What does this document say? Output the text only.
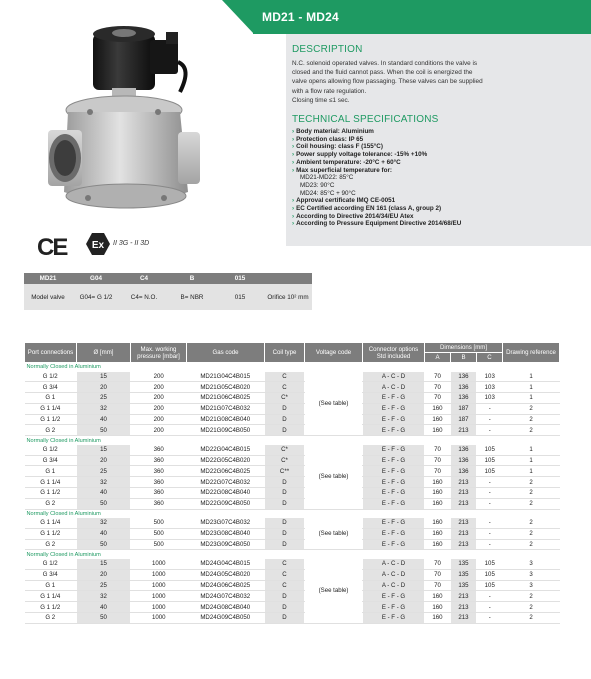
MD21 - MD24
DESCRIPTION
N.C. solenoid operated valves. In standard conditions the valve is
closed and the fluid cannot pass. When the coil is energized the
valve opens allowing flow passaging. These valves can be supplied
with a flow rate regulation.
Closing time ≤1 sec.
TECHNICAL SPECIFICATIONS
› Body material: Aluminium
› Protection class: IP 65
› Coil housing: class F (155°C)
› Power supply voltage tolerance: -15% +10%
› Ambient temperature: -20°C + 60°C
› Max superficial temperature for:
MD21-MD22: 85°C
MD23: 90°C
MD24: 85°C + 90°C
› Approval certificate IMQ CE-0051
› EC Certified according EN 161 (class A, group 2)
› According to Directive 2014/34/EU Atex
› According to Pressure Equipment Directive 2014/68/EU
CE	Ex II 3G - II 3D
MD21	G04	C4	B	015	
Model valve	G04= G 1/2	C4= N.O.	B= NBR	015	Orifice 10² mm
Port connections	Ø [mm]	Max. working pressure [mbar]	Gas code	Coil type	Voltage code	Connector options Std included	Dimensions [mm]			Drawing reference
							A	B	C	
Normally Closed in Aluminium										
G 1/2	15	200	MD21G04C4B015	C	(See table)	A - C - D	70	136	103	1
G 3/4	20	200	MD21G05C4B020	C		A - C - D	70	136	103	1
G 1	25	200	MD21G06C4B025	C*		E - F - G	70	136	103	1
G 1 1/4	32	200	MD21G07C4B032	D		E - F - G	160	187	-	2
G 1 1/2	40	200	MD21G08C4B040	D		E - F - G	160	187	-	2
G 2	50	200	MD21G09C4B050	D		E - F - G	160	213	-	2
Normally Closed in Aluminium										
G 1/2	15	360	MD22G04C4B015	C*	(See table)	E - F - G	70	136	105	1
G 3/4	20	360	MD22G05C4B020	C*		E - F - G	70	136	105	1
G 1	25	360	MD22G06C4B025	C**		E - F - G	70	136	105	1
G 1 1/4	32	360	MD22G07C4B032	D		E - F - G	160	213	-	2
G 1 1/2	40	360	MD22G08C4B040	D		E - F - G	160	213	-	2
G 2	50	360	MD22G09C4B050	D		E - F - G	160	213	-	2
Normally Closed in Aluminium										
G 1 1/4	32	500	MD23G07C4B032	D	(See table)	E - F - G	160	213	-	2
G 1 1/2	40	500	MD23G08C4B040	D		E - F - G	160	213	-	2
G 2	50	500	MD23G09C4B050	D		E - F - G	160	213	-	2
Normally Closed in Aluminium										
G 1/2	15	1000	MD24G04C4B015	C	(See table)	A - C - D	70	135	105	3
G 3/4	20	1000	MD24G05C4B020	C		A - C - D	70	135	105	3
G 1	25	1000	MD24G06C4B025	C		A - C - D	70	135	105	3
G 1 1/4	32	1000	MD24G07C4B032	D		E - F - G	160	213	-	2
G 1 1/2	40	1000	MD24G08C4B040	D		E - F - G	160	213	-	2
G 2	50	1000	MD24G09C4B050	D		E - F - G	160	213	-	2
